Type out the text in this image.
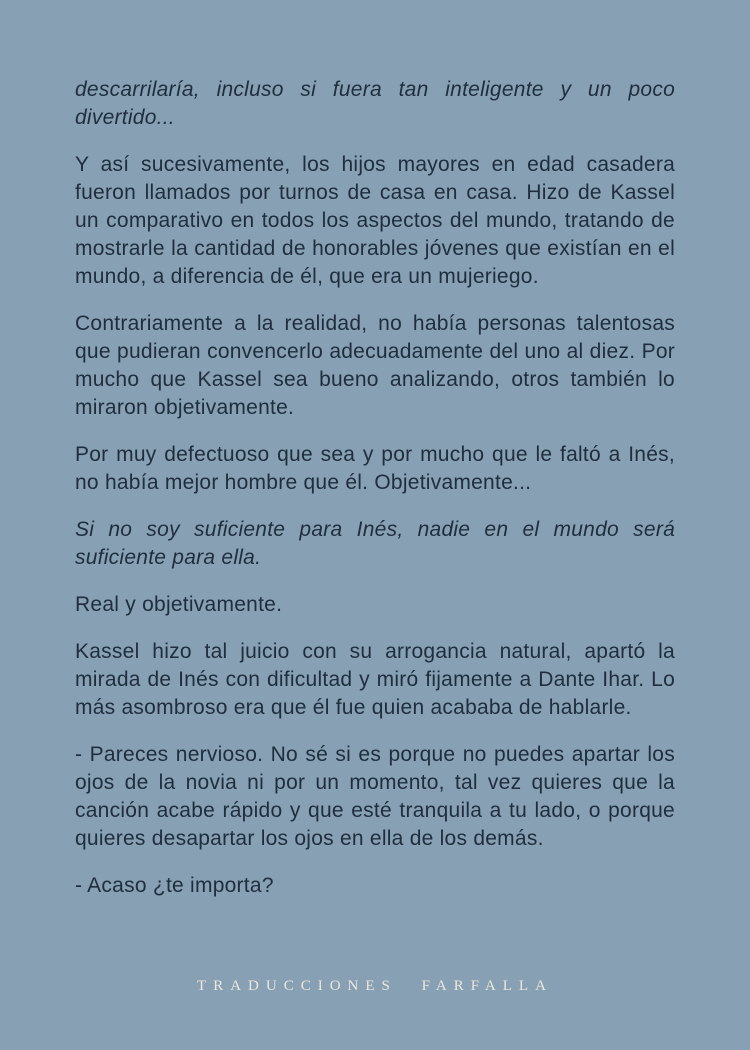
descarrilaría, incluso si fuera tan inteligente y un poco divertido...

Y así sucesivamente, los hijos mayores en edad casadera fueron llamados por turnos de casa en casa. Hizo de Kassel un comparativo en todos los aspectos del mundo, tratando de mostrarle la cantidad de honorables jóvenes que existían en el mundo, a diferencia de él, que era un mujeriego.

Contrariamente a la realidad, no había personas talentosas que pudieran convencerlo adecuadamente del uno al diez. Por mucho que Kassel sea bueno analizando, otros también lo miraron objetivamente.

Por muy defectuoso que sea y por mucho que le faltó a Inés, no había mejor hombre que él. Objetivamente...

Si no soy suficiente para Inés, nadie en el mundo será suficiente para ella.

Real y objetivamente.

Kassel hizo tal juicio con su arrogancia natural, apartó la mirada de Inés con dificultad y miró fijamente a Dante Ihar. Lo más asombroso era que él fue quien acababa de hablarle.

- Pareces nervioso. No sé si es porque no puedes apartar los ojos de la novia ni por un momento, tal vez quieres que la canción acabe rápido y que esté tranquila a tu lado, o porque quieres desapartar los ojos en ella de los demás.

- Acaso ¿te importa?

TRADUCCIONES FARFALLA
